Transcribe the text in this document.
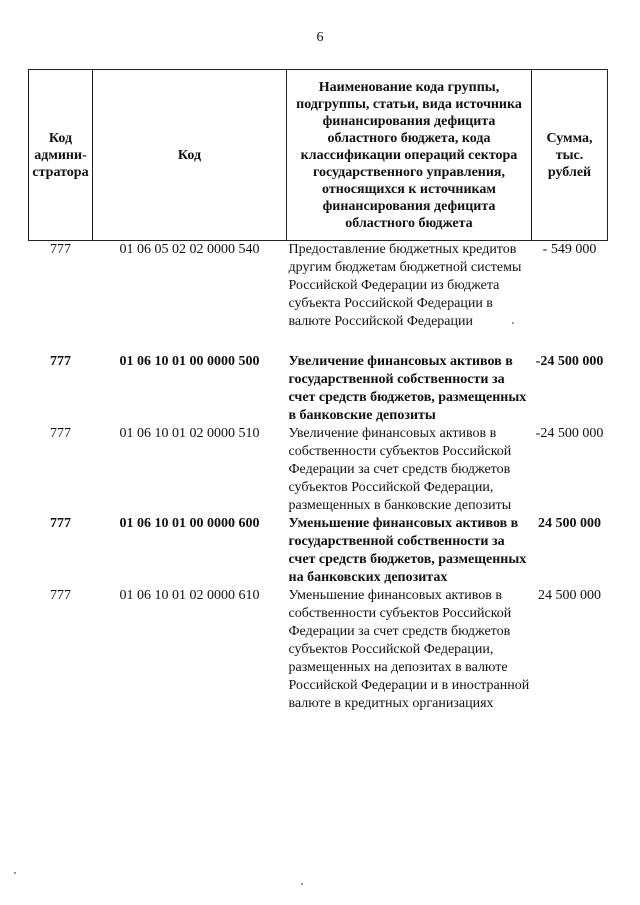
6
Код админи-стратора	Код	Наименование кода группы, подгруппы, статьи, вида источника финансирования дефицита областного бюджета, кода классификации операций сектора государственного управления, относящихся к источникам финансирования дефицита областного бюджета	Сумма, тыс. рублей
777	01 06 05 02 02 0000 540	Предоставление бюджетных кредитов другим бюджетам бюджетной системы Российской Федерации из бюджета субъекта Российской Федерации в валюте Российской Федерации	- 549 000

777	01 06 10 01 00 0000 500	Увеличение финансовых активов в государственной собственности за счет средств бюджетов, размещенных в банковские депозиты	-24 500 000
777	01 06 10 01 02 0000 510	Увеличение финансовых активов в собственности субъектов Российской Федерации за счет средств бюджетов субъектов Российской Федерации, размещенных в банковские депозиты	-24 500 000
777	01 06 10 01 00 0000 600	Уменьшение финансовых активов в государственной собственности за счет средств бюджетов, размещенных на банковских депозитах	24 500 000
777	01 06 10 01 02 0000 610	Уменьшение финансовых активов в собственности субъектов Российской Федерации за счет средств бюджетов субъектов Российской Федерации, размещенных на депозитах в валюте Российской Федерации и в иностранной валюте в кредитных организациях	24 500 000
